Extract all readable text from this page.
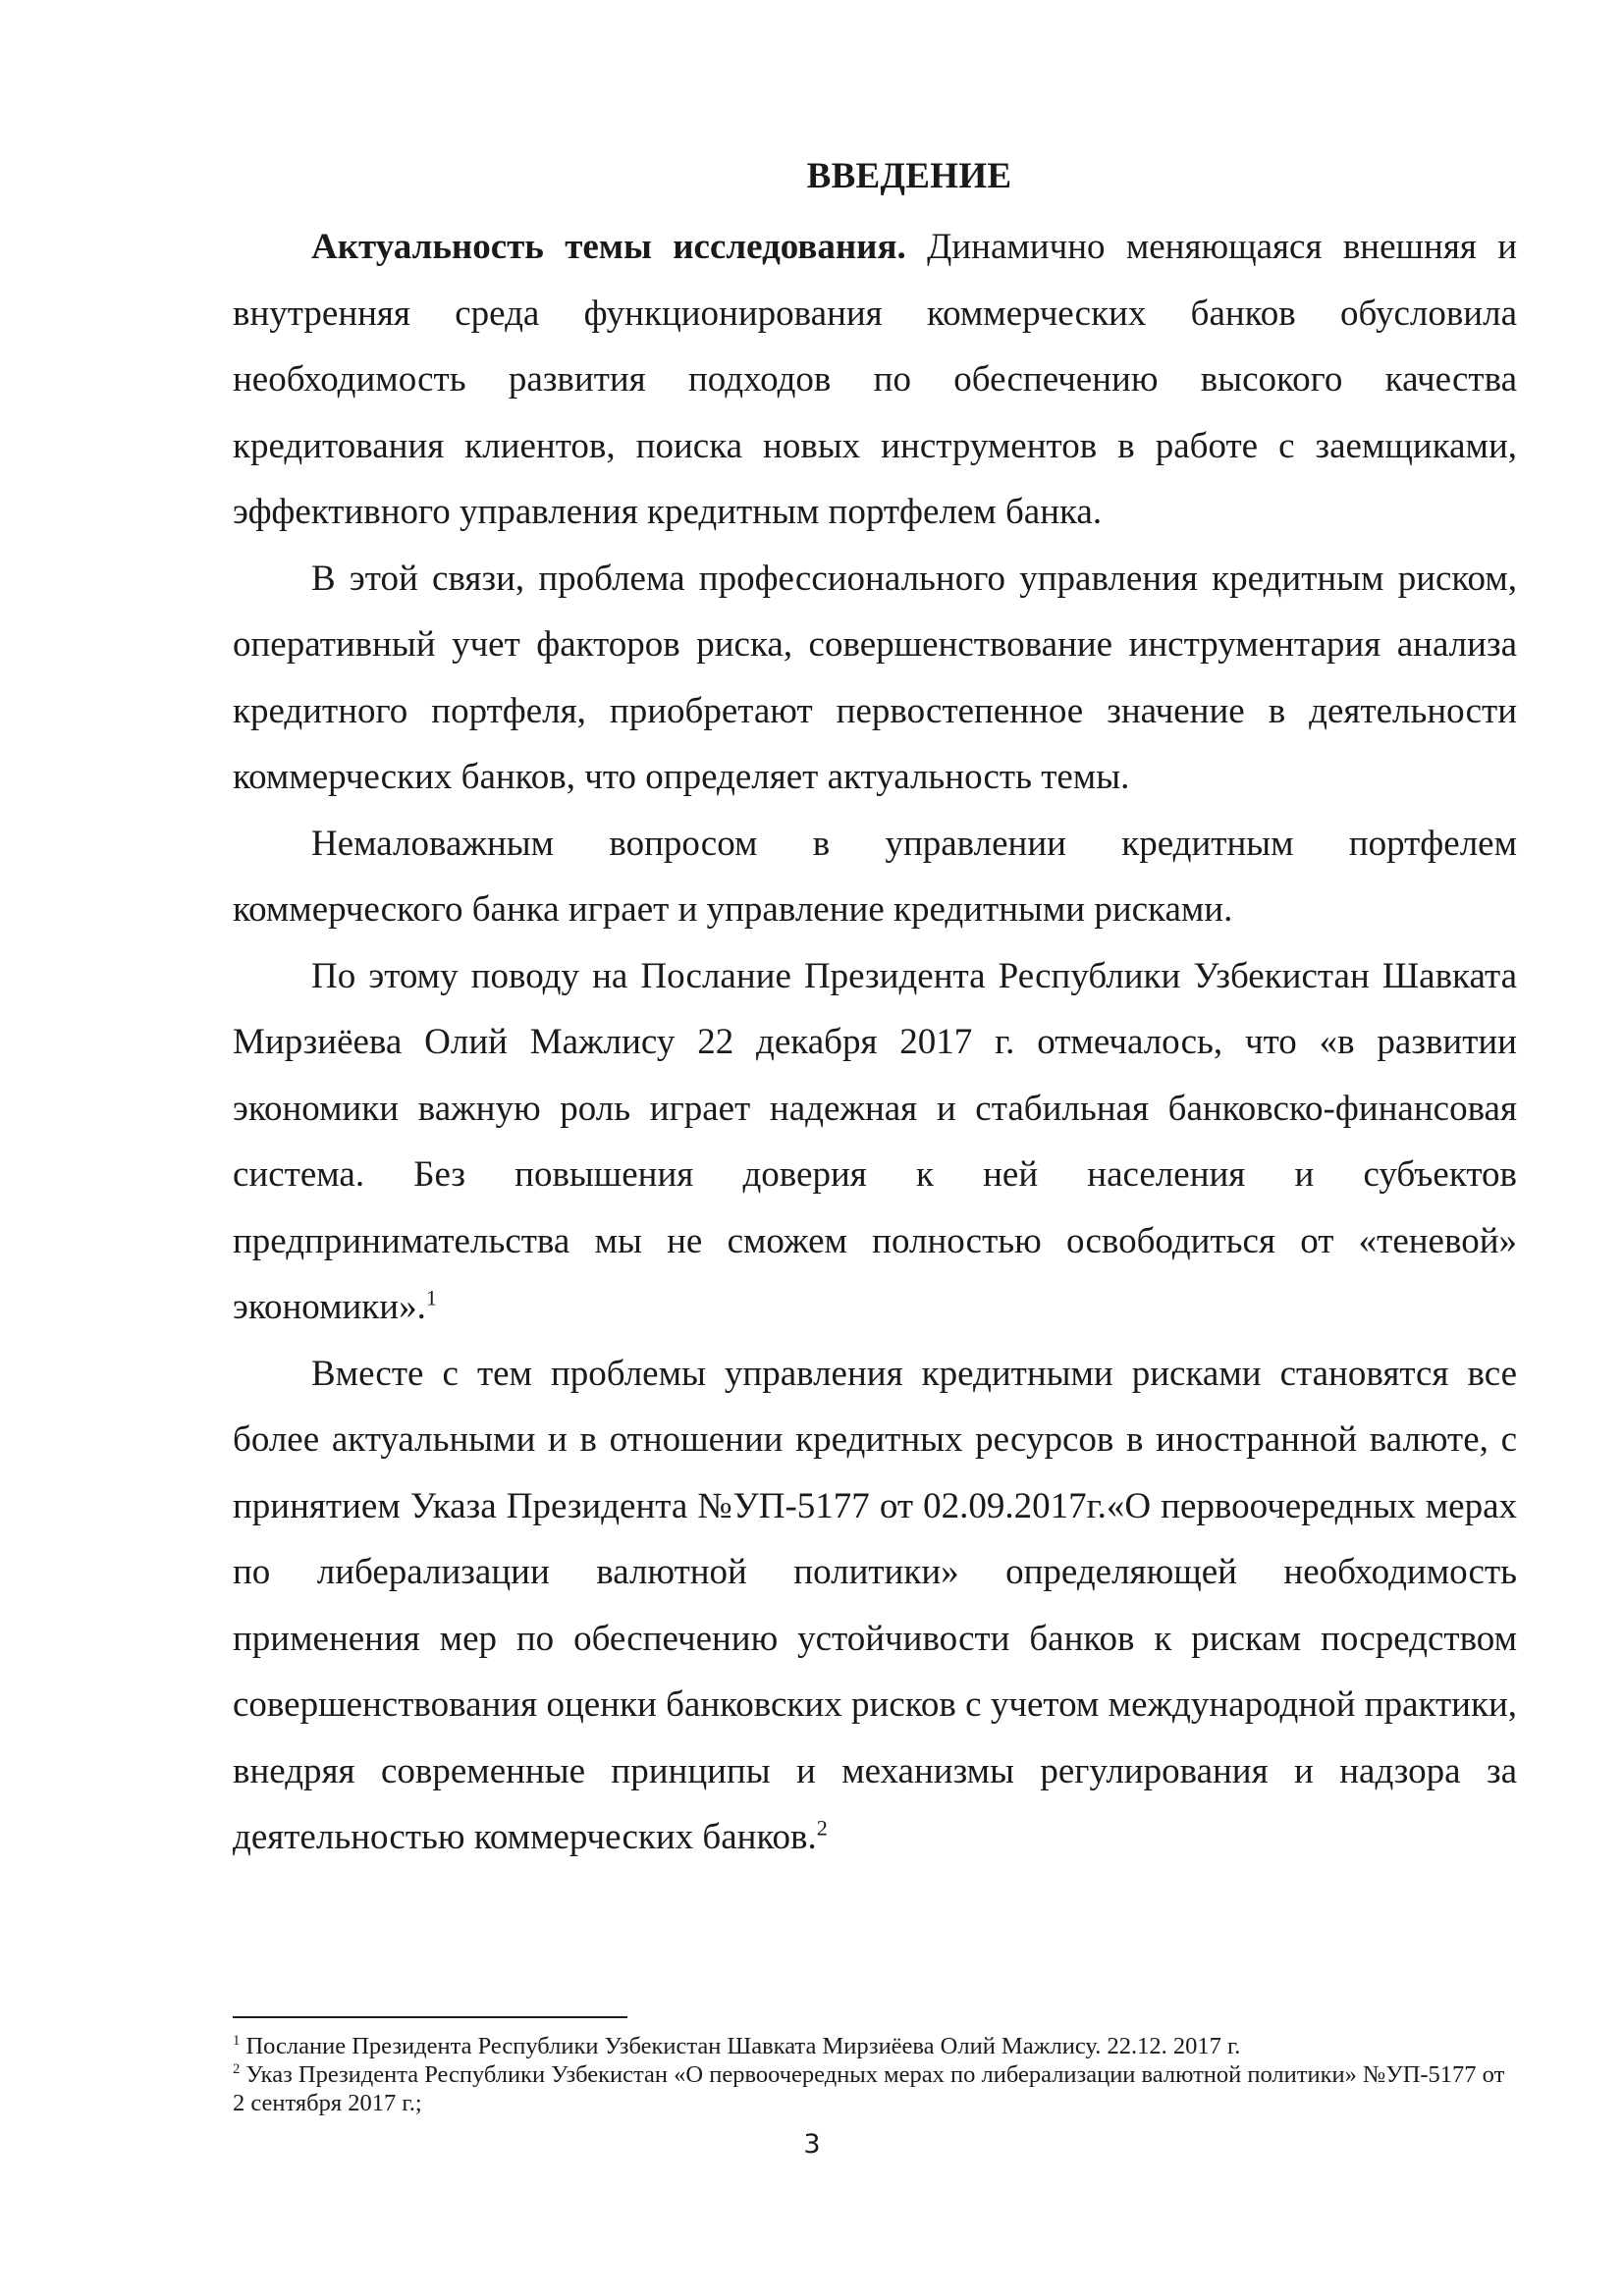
ВВЕДЕНИЕ

Актуальность темы исследования. Динамично меняющаяся внешняя и внутренняя среда функционирования коммерческих банков обусловила необходимость развития подходов по обеспечению высокого качества кредитования клиентов, поиска новых инструментов в работе с заемщиками, эффективного управления кредитным портфелем банка.

В этой связи, проблема профессионального управления кредитным риском, оперативный учет факторов риска, совершенствование инструментария анализа кредитного портфеля, приобретают первостепенное значение в деятельности коммерческих банков, что определяет актуальность темы.

Немаловажным вопросом в управлении кредитным портфелем коммерческого банка играет и управление кредитными рисками.

По этому поводу на Послание Президента Республики Узбекистан Шавката Мирзиёева Олий Мажлису 22 декабря 2017 г. отмечалось, что «в развитии экономики важную роль играет надежная и стабильная банковско-финансовая система. Без повышения доверия к ней населения и субъектов предпринимательства мы не сможем полностью освободиться от «теневой» экономики».$^1$

Вместе с тем проблемы управления кредитными рисками становятся все более актуальными и в отношении кредитных ресурсов в иностранной валюте, с принятием Указа Президента №УП-5177 от 02.09.2017г.«О первоочередных мерах по либерализации валютной политики» определяющей необходимость применения мер по обеспечению устойчивости банков к рискам посредством совершенствования оценки банковских рисков с учетом международной практики, внедряя современные принципы и механизмы регулирования и надзора за деятельностью коммерческих банков.$^2$

$^1$ Послание Президента Республики Узбекистан Шавката Мирзиёева Олий Мажлису. 22.12. 2017 г.

$^2$ Указ Президента Республики Узбекистан «О первоочередных мерах по либерализации валютной политики» №УП-5177 от 2 сентября 2017 г.;

3
